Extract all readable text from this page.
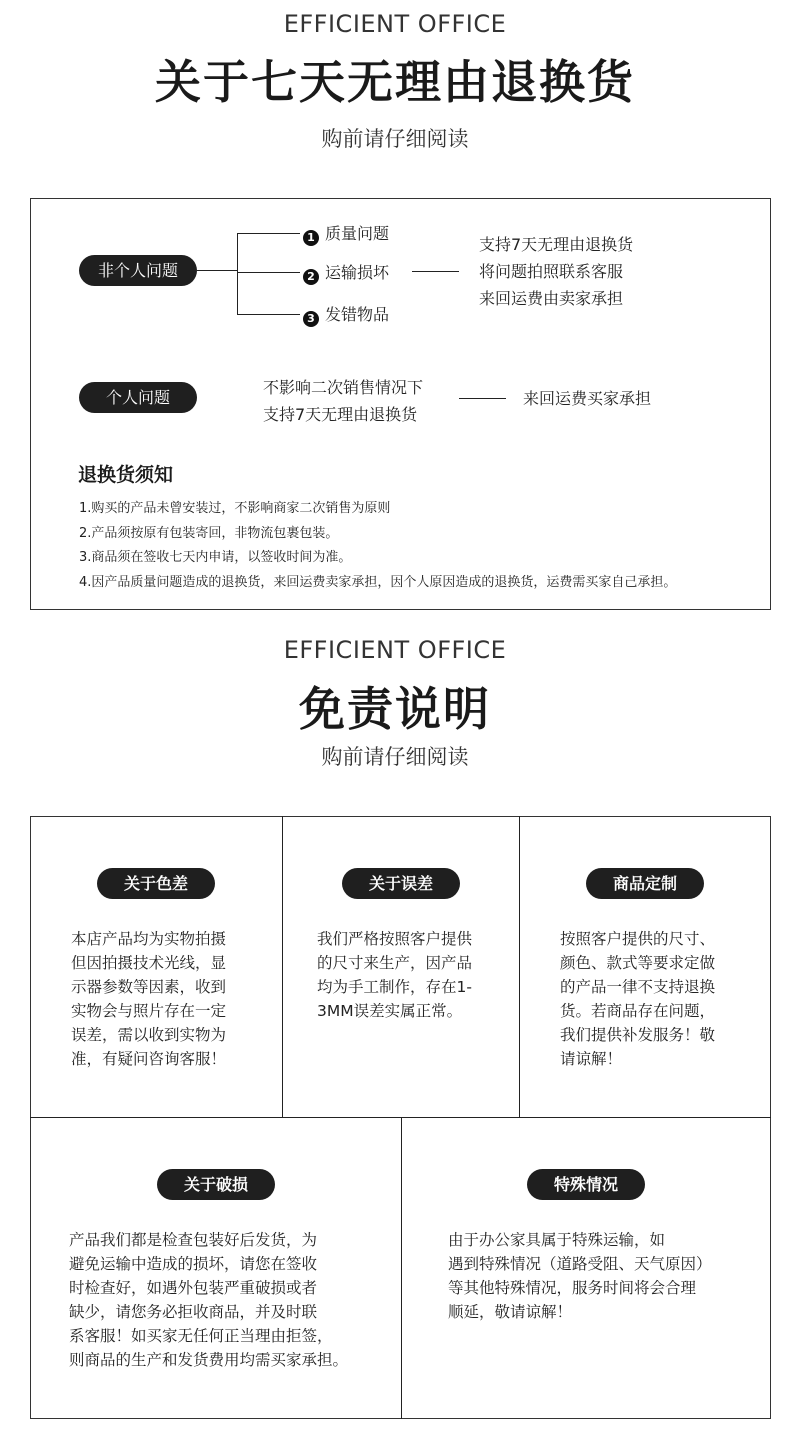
EFFICIENT OFFICE
关于七天无理由退换货
购前请仔细阅读
非个人问题
1 质量问题
2 运输损坏
3 发错物品
支持7天无理由退换货
将问题拍照联系客服
来回运费由卖家承担
个人问题
不影响二次销售情况下
支持7天无理由退换货
来回运费买家承担
退换货须知
1.购买的产品未曾安装过，不影响商家二次销售为原则
2.产品须按原有包装寄回，非物流包裹包装。
3.商品须在签收七天内申请，以签收时间为准。
4.因产品质量问题造成的退换货，来回运费卖家承担，因个人原因造成的退换货，运费需买家自己承担。
EFFICIENT OFFICE
免责说明
购前请仔细阅读
关于色差
本店产品均为实物拍摄
但因拍摄技术光线，显
示器参数等因素，收到
实物会与照片存在一定
误差，需以收到实物为
准，有疑问咨询客服！
关于误差
我们严格按照客户提供
的尺寸来生产，因产品
均为手工制作，存在1-
3MM误差实属正常。
商品定制
按照客户提供的尺寸、
颜色、款式等要求定做
的产品一律不支持退换
货。若商品存在问题，
我们提供补发服务！敬
请谅解！
关于破损
产品我们都是检查包装好后发货，为
避免运输中造成的损坏，请您在签收
时检查好，如遇外包装严重破损或者
缺少，请您务必拒收商品，并及时联
系客服！如买家无任何正当理由拒签，
则商品的生产和发货费用均需买家承担。
特殊情况
由于办公家具属于特殊运输，如
遇到特殊情况（道路受阻、天气原因）
等其他特殊情况，服务时间将会合理
顺延，敬请谅解！
